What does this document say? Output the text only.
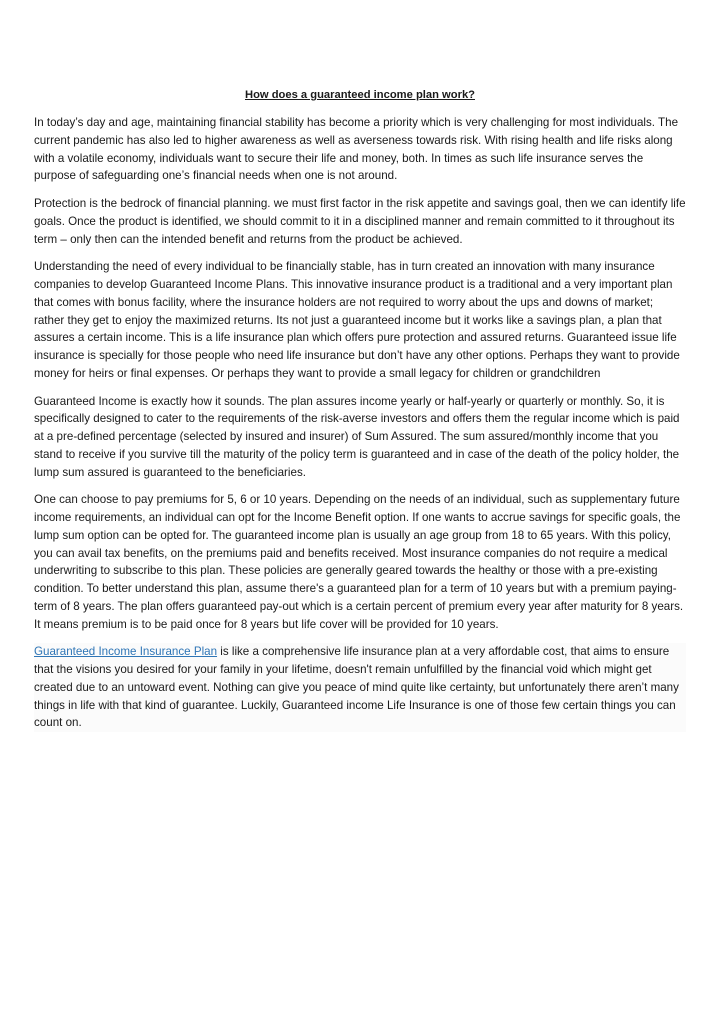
How does a guaranteed income plan work?

In today’s day and age, maintaining financial stability has become a priority which is very challenging for most individuals. The current pandemic has also led to higher awareness as well as averseness towards risk. With rising health and life risks along with a volatile economy, individuals want to secure their life and money, both. In times as such life insurance serves the purpose of safeguarding one’s financial needs when one is not around.

Protection is the bedrock of financial planning. we must first factor in the risk appetite and savings goal, then we can identify life goals. Once the product is identified, we should commit to it in a disciplined manner and remain committed to it throughout its term – only then can the intended benefit and returns from the product be achieved.

Understanding the need of every individual to be financially stable, has in turn created an innovation with many insurance companies to develop Guaranteed Income Plans. This innovative insurance product is a traditional and a very important plan that comes with bonus facility, where the insurance holders are not required to worry about the ups and downs of market; rather they get to enjoy the maximized returns. Its not just a guaranteed income but it works like a savings plan, a plan that assures a certain income. This is a life insurance plan which offers pure protection and assured returns. Guaranteed issue life insurance is specially for those people who need life insurance but don’t have any other options. Perhaps they want to provide money for heirs or final expenses. Or perhaps they want to provide a small legacy for children or grandchildren

Guaranteed Income is exactly how it sounds. The plan assures income yearly or half-yearly or quarterly or monthly. So, it is specifically designed to cater to the requirements of the risk-averse investors and offers them the regular income which is paid at a pre-defined percentage (selected by insured and insurer) of Sum Assured. The sum assured/monthly income that you stand to receive if you survive till the maturity of the policy term is guaranteed and in case of the death of the policy holder, the lump sum assured is guaranteed to the beneficiaries.

One can choose to pay premiums for 5, 6 or 10 years. Depending on the needs of an individual, such as supplementary future income requirements, an individual can opt for the Income Benefit option. If one wants to accrue savings for specific goals, the lump sum option can be opted for. The guaranteed income plan is usually an age group from 18 to 65 years. With this policy, you can avail tax benefits, on the premiums paid and benefits received. Most insurance companies do not require a medical underwriting to subscribe to this plan. These policies are generally geared towards the healthy or those with a pre-existing condition. To better understand this plan, assume there's a guaranteed plan for a term of 10 years but with a premium paying-term of 8 years. The plan offers guaranteed pay-out which is a certain percent of premium every year after maturity for 8 years. It means premium is to be paid once for 8 years but life cover will be provided for 10 years.

Guaranteed Income Insurance Plan is like a comprehensive life insurance plan at a very affordable cost, that aims to ensure that the visions you desired for your family in your lifetime, doesn't remain unfulfilled by the financial void which might get created due to an untoward event. Nothing can give you peace of mind quite like certainty, but unfortunately there aren’t many things in life with that kind of guarantee. Luckily, Guaranteed income Life Insurance is one of those few certain things you can count on.
